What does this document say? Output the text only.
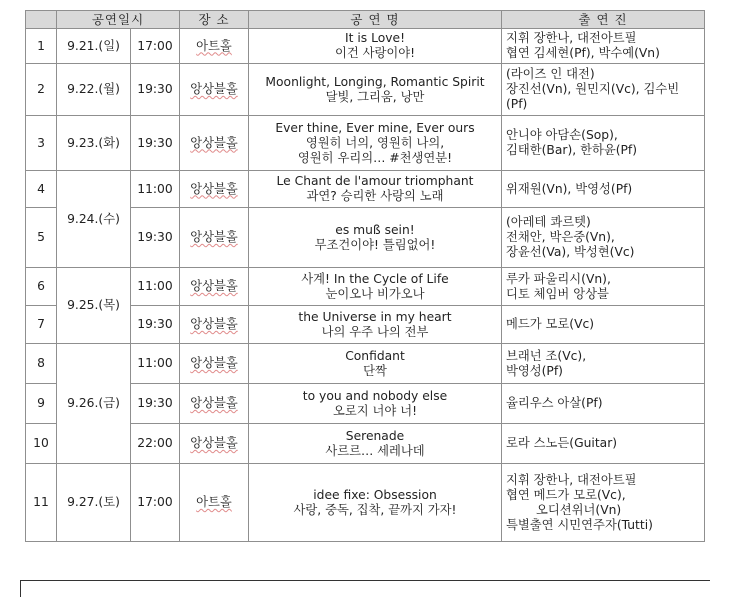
	공연일시		장 소	공 연 명	출 연 진
1	9.21.(일)	17:00	아트홀	It is Love!
이건 사랑이야!	지휘 장한나, 대전아트필
협연 김세현(Pf), 박수예(Vn)

2	9.22.(월)	19:30	앙상블홀	Moonlight, Longing, Romantic Spirit
달빛, 그리움, 낭만	(라이즈 인 대전)
장진선(Vn), 원민지(Vc), 김수빈
(Pf)

3	9.23.(화)	19:30	앙상블홀	Ever thine, Ever mine, Ever ours
영원히 너의, 영원히 나의,
영원히 우리의… #천생연분!	안니야 아담손(Sop),
김태한(Bar), 한하윤(Pf)

4	9.24.(수)	11:00	앙상블홀	Le Chant de l'amour triomphant
과연? 승리한 사랑의 노래	위재원(Vn), 박영성(Pf)

5		19:30	앙상블홀	es muß sein!
무조건이야! 틀림없어!	(아레테 콰르텟)
전채안, 박은중(Vn),
장윤선(Va), 박성현(Vc)

6	9.25.(목)	11:00	앙상블홀	사계! In the Cycle of Life
눈이오나 비가오나	루카 파울리시(Vn),
디토 체임버 앙상블

7		19:30	앙상블홀	the Universe in my heart
나의 우주 나의 전부	메드가 모로(Vc)

8	9.26.(금)	11:00	앙상블홀	Confidant
단짝	브래넌 조(Vc),
박영성(Pf)

9		19:30	앙상블홀	to you and nobody else
오로지 너야 너!	율리우스 아살(Pf)

10		22:00	앙상블홀	Serenade
사르르… 세레나데	로라 스노든(Guitar)

11	9.27.(토)	17:00	아트홀	idee fixe: Obsession
사랑, 중독, 집착, 끝까지 가자!	지휘 장한나, 대전아트필
협연 메드가 모로(Vc),
오디션위너(Vn)
특별출연 시민연주자(Tutti)
